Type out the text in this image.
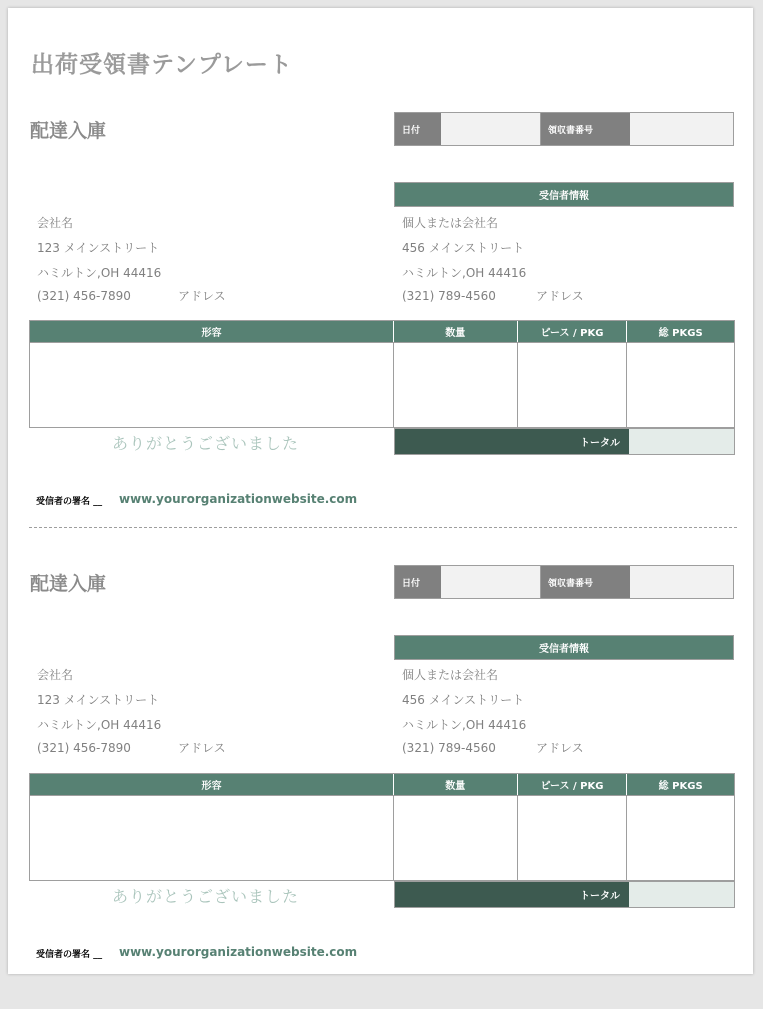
出荷受領書テンプレート
配達入庫	日付	領収書番号
受信者情報
会社名
123 メインストリート
ハミルトン,OH 44416
(321) 456-7890	アドレス
個人または会社名
456 メインストリート
ハミルトン,OH 44416
(321) 789-4560	アドレス
形容	数量	ピース / PKG	総 PKGS
ありがとうございました	トータル
受信者の署名 __ www.yourorganizationwebsite.com
配達入庫	日付	領収書番号
受信者情報
会社名
123 メインストリート
ハミルトン,OH 44416
(321) 456-7890	アドレス
個人または会社名
456 メインストリート
ハミルトン,OH 44416
(321) 789-4560	アドレス
形容	数量	ピース / PKG	総 PKGS
ありがとうございました	トータル
受信者の署名 __ www.yourorganizationwebsite.com
